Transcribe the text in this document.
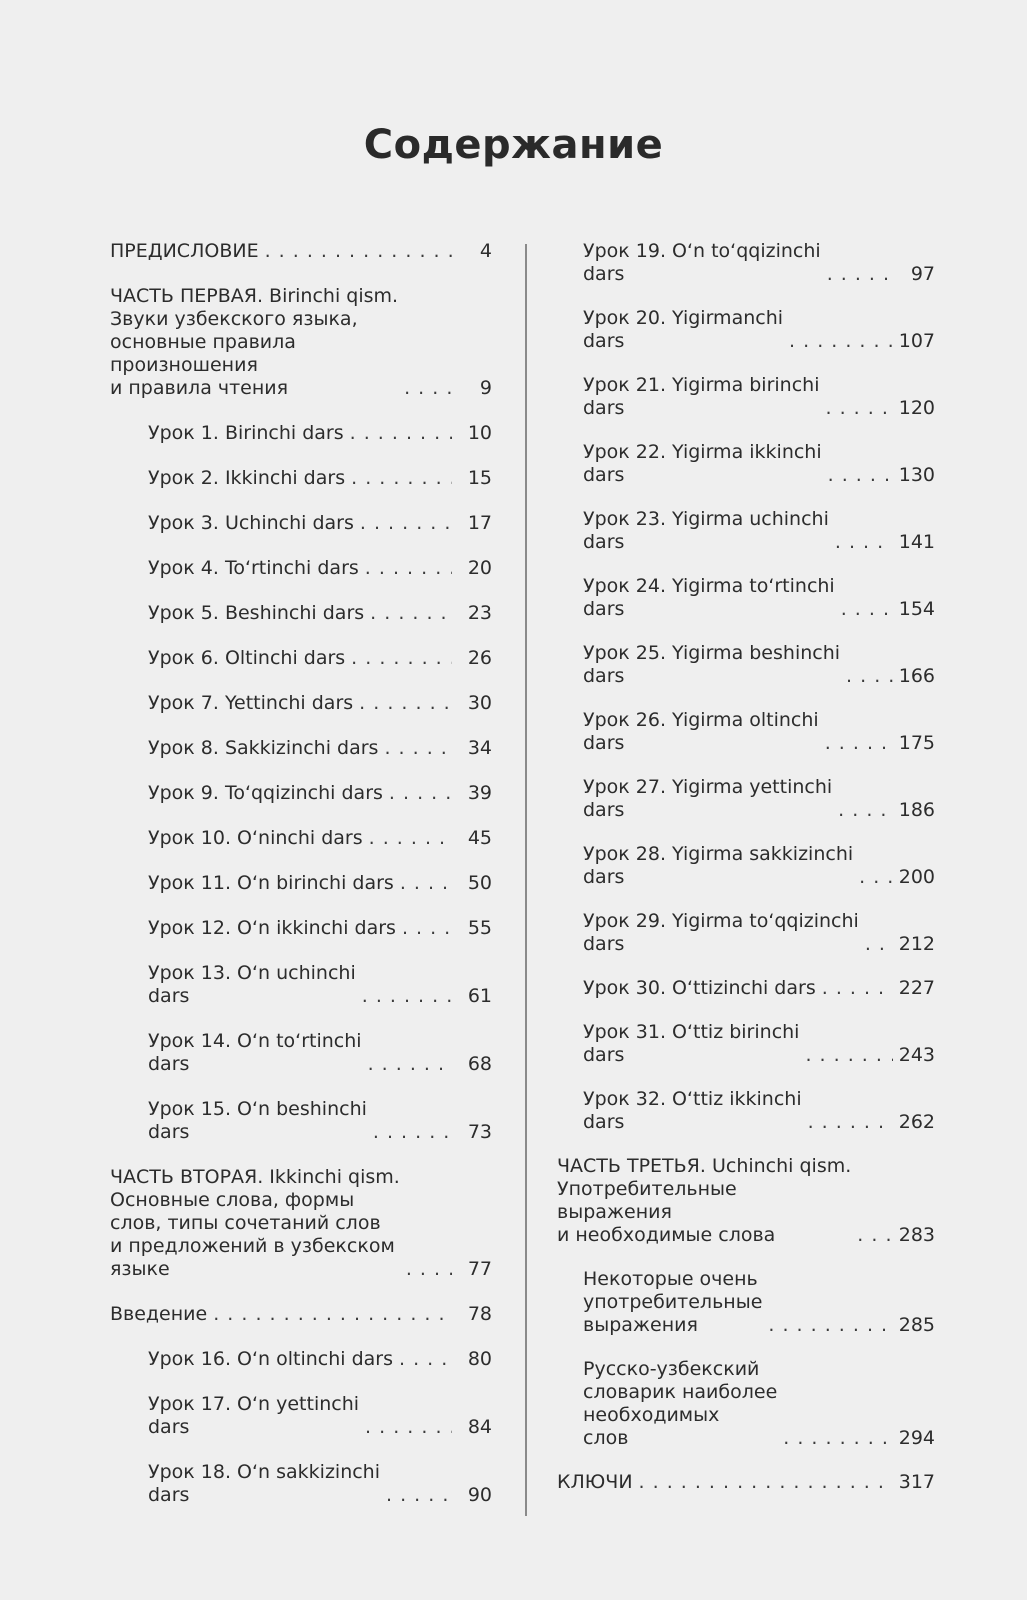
Содержание
ПРЕДИСЛОВИЕ . . .	4
ЧАСТЬ ПЕРВАЯ. Birinchi qism.
Звуки узбекского языка,
основные правила
произношения
и правила чтения . . .	9
Урок 1. Birinchi dars . . .	10
Урок 2. Ikkinchi dars . . .	15
Урок 3. Uchinchi dars . . .	17
Урок 4. To‘rtinchi dars . . .	20
Урок 5. Beshinchi dars . . .	23
Урок 6. Oltinchi dars . . .	26
Урок 7. Yettinchi dars . . .	30
Урок 8. Sakkizinchi dars . . .	34
Урок 9. To‘qqizinchi dars . . .	39
Урок 10. O‘ninchi dars . . .	45
Урок 11. O‘n birinchi dars . . .	50
Урок 12. O‘n ikkinchi dars . . .	55
Урок 13. O‘n uchinchi
dars . . .	61
Урок 14. O‘n to‘rtinchi
dars . . .	68
Урок 15. O‘n beshinchi
dars . . .	73
ЧАСТЬ ВТОРАЯ. Ikkinchi qism.
Основные слова, формы
слов, типы сочетаний слов
и предложений в узбекском
языке . . .	77
Введение . . .	78
Урок 16. O‘n oltinchi dars . . .	80
Урок 17. O‘n yettinchi
dars . . .	84
Урок 18. O‘n sakkizinchi
dars . . .	90
Урок 19. O‘n to‘qqizinchi
dars . . .	97
Урок 20. Yigirmanchi
dars . . .	107
Урок 21. Yigirma birinchi
dars . . .	120
Урок 22. Yigirma ikkinchi
dars . . .	130
Урок 23. Yigirma uchinchi
dars . . .	141
Урок 24. Yigirma to‘rtinchi
dars . . .	154
Урок 25. Yigirma beshinchi
dars . . .	166
Урок 26. Yigirma oltinchi
dars . . .	175
Урок 27. Yigirma yettinchi
dars . . .	186
Урок 28. Yigirma sakkizinchi
dars . . .	200
Урок 29. Yigirma to‘qqizinchi
dars . . .	212
Урок 30. O‘ttizinchi dars . . .	227
Урок 31. O‘ttiz birinchi
dars . . .	243
Урок 32. O‘ttiz ikkinchi
dars . . .	262
ЧАСТЬ ТРЕТЬЯ. Uchinchi qism.
Употребительные
выражения
и необходимые слова . . .	283
Некоторые очень
употребительные
выражения . . .	285
Русско-узбекский
словарик наиболее
необходимых
слов . . .	294
КЛЮЧИ . . .	317
